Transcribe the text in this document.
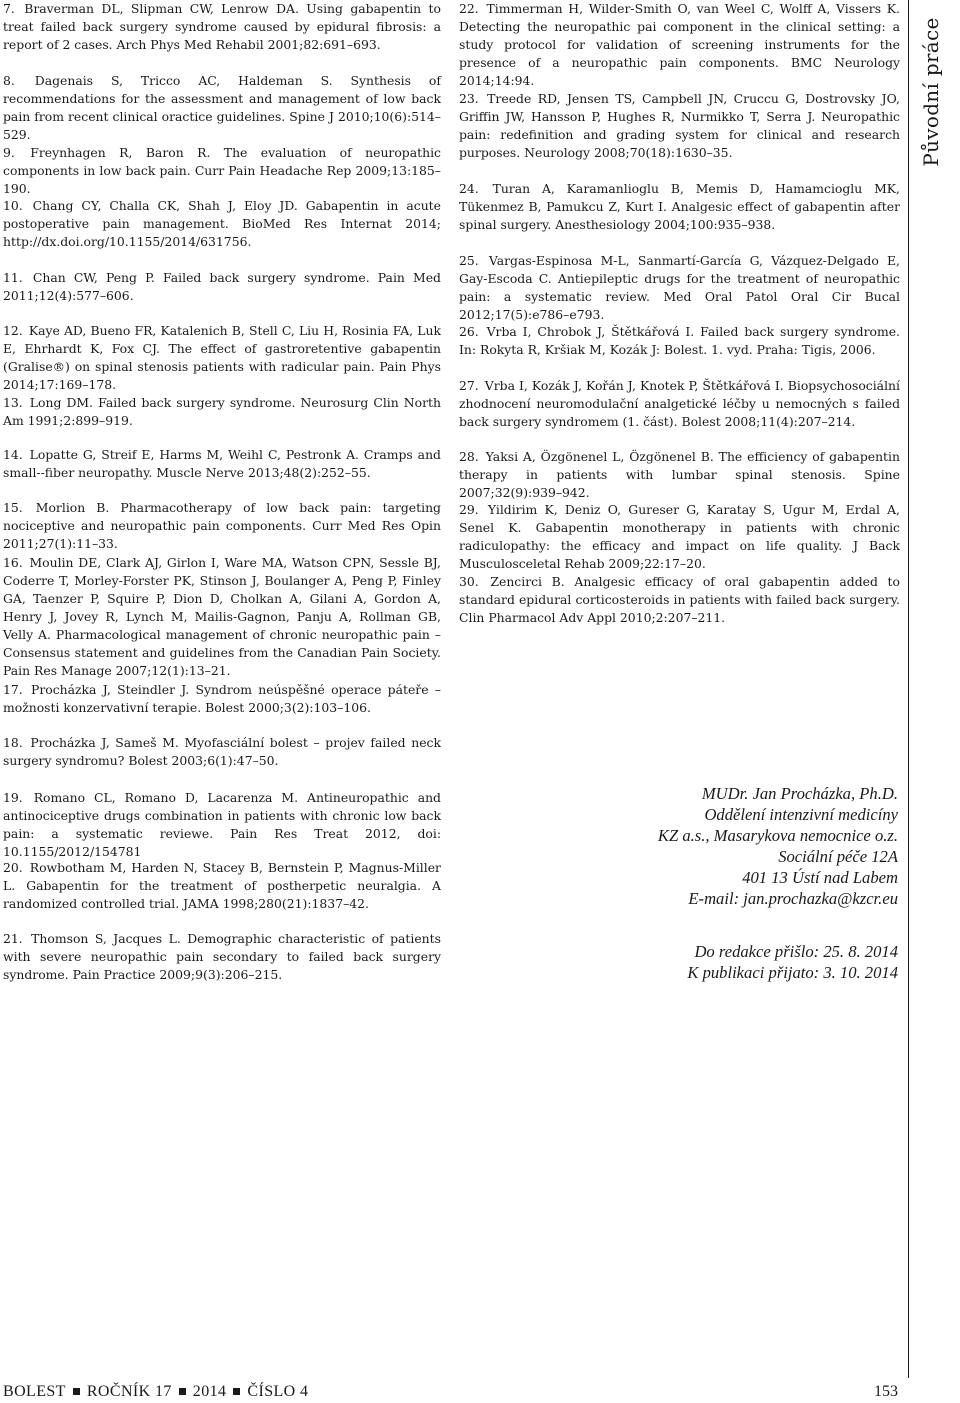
7. Braverman DL, Slipman CW, Lenrow DA. Using gabapentin to treat failed back surgery syndrome caused by epidural fibrosis: a report of 2 cases. Arch Phys Med Rehabil 2001;82:691–693.

8. Dagenais S, Tricco AC, Haldeman S. Synthesis of recommendations for the assessment and management of low back pain from recent clinical oractice guidelines. Spine J 2010;10(6):514–529.

9. Freynhagen R, Baron R. The evaluation of neuropathic components in low back pain. Curr Pain Headache Rep 2009;13:185–190.

10. Chang CY, Challa CK, Shah J, Eloy JD. Gabapentin in acute postoperative pain management. BioMed Res Internat 2014; http://dx.doi.org/10.1155/2014/631756.

11. Chan CW, Peng P. Failed back surgery syndrome. Pain Med 2011;12(4):577–606.

12. Kaye AD, Bueno FR, Katalenich B, Stell C, Liu H, Rosinia FA, Luk E, Ehrhardt K, Fox CJ. The effect of gastroretentive gabapentin (Gralise®) on spinal stenosis patients with radicular pain. Pain Phys 2014;17:169–178.

13. Long DM. Failed back surgery syndrome. Neurosurg Clin North Am 1991;2:899–919.

14. Lopatte G, Streif E, Harms M, Weihl C, Pestronk A. Cramps and small--fiber neuropathy. Muscle Nerve 2013;48(2):252–55.

15. Morlion B. Pharmacotherapy of low back pain: targeting nociceptive and neuropathic pain components. Curr Med Res Opin 2011;27(1):11–33.

16. Moulin DE, Clark AJ, Girlon I, Ware MA, Watson CPN, Sessle BJ, Coderre T, Morley-Forster PK, Stinson J, Boulanger A, Peng P, Finley GA, Taenzer P, Squire P, Dion D, Cholkan A, Gilani A, Gordon A, Henry J, Jovey R, Lynch M, Mailis-Gagnon, Panju A, Rollman GB, Velly A. Pharmacological management of chronic neuropathic pain – Consensus statement and guidelines from the Canadian Pain Society. Pain Res Manage 2007;12(1):13–21.

17. Procházka J, Steindler J. Syndrom neúspěšné operace páteře – možnosti konzervativní terapie. Bolest 2000;3(2):103–106.

18. Procházka J, Sameš M. Myofasciální bolest – projev failed neck surgery syndromu? Bolest 2003;6(1):47–50.

19. Romano CL, Romano D, Lacarenza M. Antineuropathic and antinociceptive drugs combination in patients with chronic low back pain: a systematic reviewe. Pain Res Treat 2012, doi: 10.1155/2012/154781

20. Rowbotham M, Harden N, Stacey B, Bernstein P, Magnus-Miller L. Gabapentin for the treatment of postherpetic neuralgia. A randomized controlled trial. JAMA 1998;280(21):1837–42.

21. Thomson S, Jacques L. Demographic characteristic of patients with severe neuropathic pain secondary to failed back surgery syndrome. Pain Practice 2009;9(3):206–215.

22. Timmerman H, Wilder-Smith O, van Weel C, Wolff A, Vissers K. Detecting the neuropathic pai component in the clinical setting: a study protocol for validation of screening instruments for the presence of a neuropathic pain components. BMC Neurology 2014;14:94.

23. Treede RD, Jensen TS, Campbell JN, Cruccu G, Dostrovsky JO, Griffin JW, Hansson P, Hughes R, Nurmikko T, Serra J. Neuropathic pain: redefinition and grading system for clinical and research purposes. Neurology 2008;70(18):1630–35.

24. Turan A, Karamanlioglu B, Memis D, Hamamcioglu MK, Tükenmez B, Pamukcu Z, Kurt I. Analgesic effect of gabapentin after spinal surgery. Anesthesiology 2004;100:935–938.

25. Vargas-Espinosa M-L, Sanmartí-García G, Vázquez-Delgado E, Gay-Escoda C. Antiepileptic drugs for the treatment of neuropathic pain: a systematic review. Med Oral Patol Oral Cir Bucal 2012;17(5):e786–e793.

26. Vrba I, Chrobok J, Štětkářová I. Failed back surgery syndrome. In: Rokyta R, Kršiak M, Kozák J: Bolest. 1. vyd. Praha: Tigis, 2006.

27. Vrba I, Kozák J, Kořán J, Knotek P, Štětkářová I. Biopsychosociální zhodnocení neuromodulační analgetické léčby u nemocných s failed back surgery syndromem (1. část). Bolest 2008;11(4):207–214.

28. Yaksi A, Özgönenel L, Özgönenel B. The efficiency of gabapentin therapy in patients with lumbar spinal stenosis. Spine 2007;32(9):939–942.

29. Yildirim K, Deniz O, Gureser G, Karatay S, Ugur M, Erdal A, Senel K. Gabapentin monotherapy in patients with chronic radiculopathy: the efficacy and impact on life quality. J Back Musculosceletal Rehab 2009;22:17–20.

30. Zencirci B. Analgesic efficacy of oral gabapentin added to standard epidural corticosteroids in patients with failed back surgery. Clin Pharmacol Adv Appl 2010;2:207–211.

Původní práce
MUDr. Jan Procházka, Ph.D.
Oddělení intenzivní medicíny
KZ a.s., Masarykova nemocnice o.z.
Sociální péče 12A
401 13 Ústí nad Labem
E-mail: jan.prochazka@kzcr.eu
Do redakce přišlo: 25. 8. 2014
K publikaci přijato: 3. 10. 2014
BOLEST ROČNÍK 17 2014 ČÍSLO 4	153
